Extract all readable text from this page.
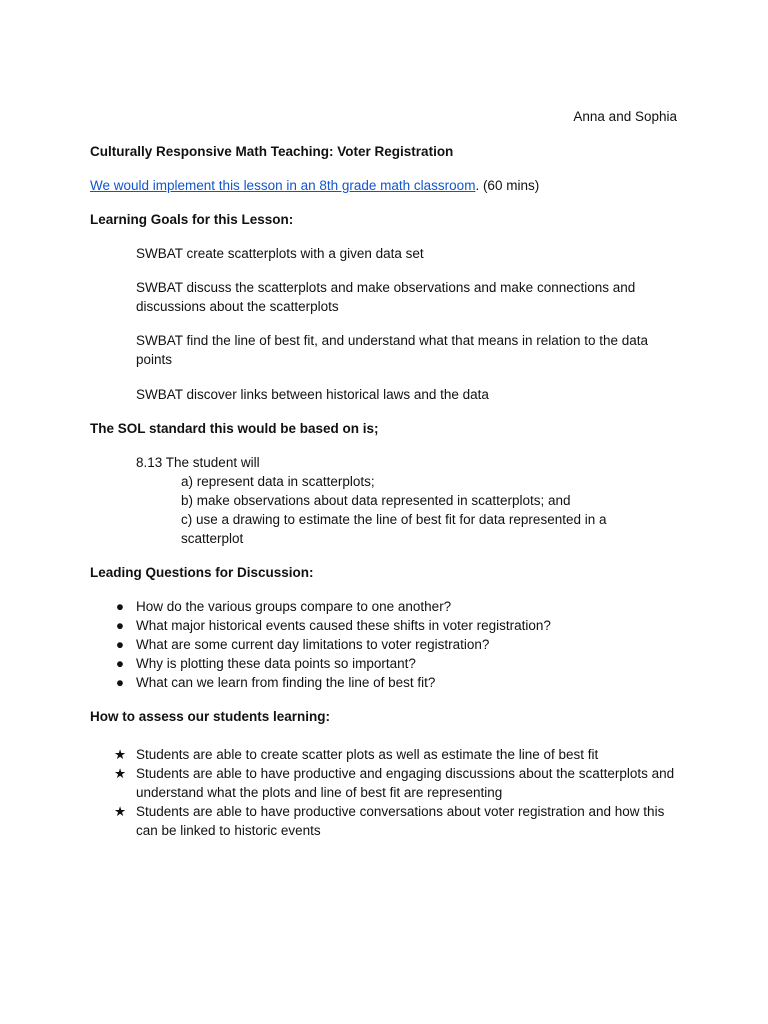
Anna and Sophia
Culturally Responsive Math Teaching: Voter Registration
We would implement this lesson in an 8th grade math classroom. (60 mins)
Learning Goals for this Lesson:
SWBAT create scatterplots with a given data set
SWBAT discuss the scatterplots and make observations and make connections and discussions about the scatterplots
SWBAT find the line of best fit, and understand what that means in relation to the data points
SWBAT discover links between historical laws and the data
The SOL standard this would be based on is;
8.13 The student will
a) represent data in scatterplots;
b) make observations about data represented in scatterplots; and
c) use a drawing to estimate the line of best fit for data represented in a scatterplot
Leading Questions for Discussion:
● How do the various groups compare to one another?
● What major historical events caused these shifts in voter registration?
● What are some current day limitations to voter registration?
● Why is plotting these data points so important?
● What can we learn from finding the line of best fit?
How to assess our students learning:
★ Students are able to create scatter plots as well as estimate the line of best fit
★ Students are able to have productive and engaging discussions about the scatterplots and understand what the plots and line of best fit are representing
★ Students are able to have productive conversations about voter registration and how this can be linked to historic events
